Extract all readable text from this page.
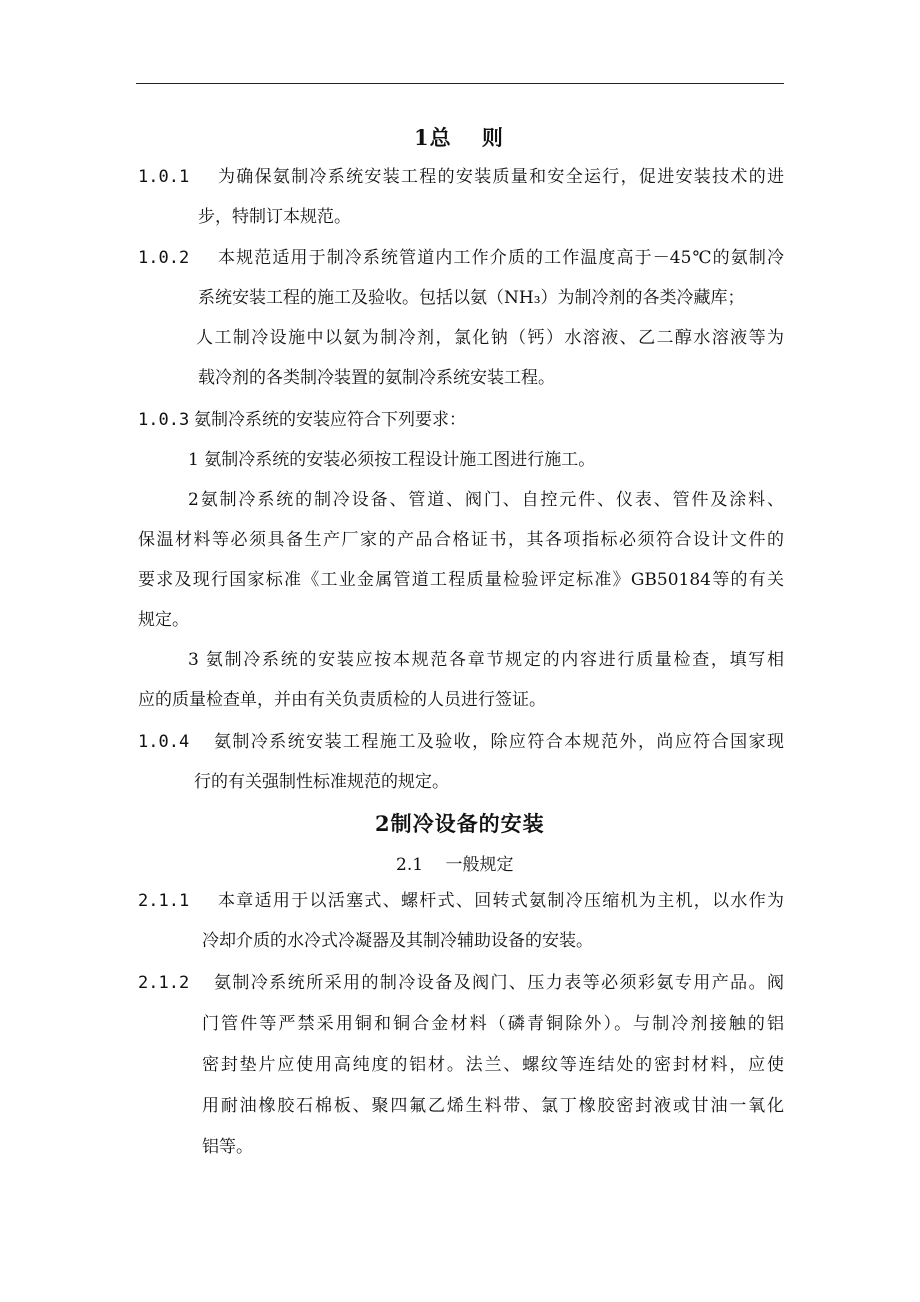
1总　 则
1.0.1 为确保氨制冷系统安装工程的安装质量和安全运行，促进安装技术的进
步，特制订本规范。
1.0.2 本规范适用于制冷系统管道内工作介质的工作温度高于－45℃的氨制冷
系统安装工程的施工及验收。包括以氨（NH₃）为制冷剂的各类冷藏库；
人工制冷设施中以氨为制冷剂，氯化钠（钙）水溶液、乙二醇水溶液等为
载冷剂的各类制冷装置的氨制冷系统安装工程。
1.0.3 氨制冷系统的安装应符合下列要求：
1 氨制冷系统的安装必须按工程设计施工图进行施工。
2氨制冷系统的制冷设备、管道、阀门、自控元件、仪表、管件及涂料、
保温材料等必须具备生产厂家的产品合格证书，其各项指标必须符合设计文件的
要求及现行国家标准《工业金属管道工程质量检验评定标准》GB50184等的有关
规定。
3 氨制冷系统的安装应按本规范各章节规定的内容进行质量检查，填写相
应的质量检查单，并由有关负责质检的人员进行签证。
1.0.4 氨制冷系统安装工程施工及验收，除应符合本规范外，尚应符合国家现
行的有关强制性标准规范的规定。
2制冷设备的安装
2.1　 一般规定
2.1.1 本章适用于以活塞式、螺杆式、回转式氨制冷压缩机为主机，以水作为
冷却介质的水冷式冷凝器及其制冷辅助设备的安装。
2.1.2 氨制冷系统所采用的制冷设备及阀门、压力表等必须彩氨专用产品。阀
门管件等严禁采用铜和铜合金材料（磷青铜除外）。与制冷剂接触的铝
密封垫片应使用高纯度的铝材。法兰、螺纹等连结处的密封材料，应使
用耐油橡胶石棉板、聚四氟乙烯生料带、氯丁橡胶密封液或甘油一氧化
铝等。
